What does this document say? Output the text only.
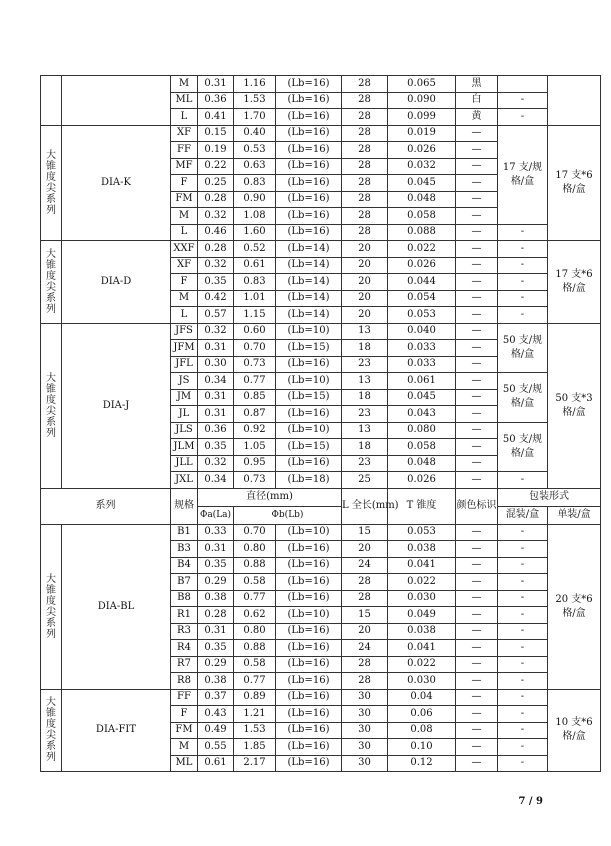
		M	0.31	1.16	(Lb=16)	28	0.065	黑		
		ML	0.36	1.53	(Lb=16)	28	0.090	白	-	
		L	0.41	1.70	(Lb=16)	28	0.099	黄	-	
大锥度尖系列	DIA-K	XF	0.15	0.40	(Lb=16)	28	0.019	—	17 支/规格/盒	17 支*6 格/盒
		FF	0.19	0.53	(Lb=16)	28	0.026	—		
		MF	0.22	0.63	(Lb=16)	28	0.032	—		
		F	0.25	0.83	(Lb=16)	28	0.045	—		
		FM	0.28	0.90	(Lb=16)	28	0.048	—		
		M	0.32	1.08	(Lb=16)	28	0.058	—		
		L	0.46	1.60	(Lb=16)	28	0.088	—	-	
大锥度尖系列	DIA-D	XXF	0.28	0.52	(Lb=14)	20	0.022	—	-	17 支*6 格/盒
		XF	0.32	0.61	(Lb=14)	20	0.026	—	-	
		F	0.35	0.83	(Lb=14)	20	0.044	—	-	
		M	0.42	1.01	(Lb=14)	20	0.054	—	-	
		L	0.57	1.15	(Lb=14)	20	0.053	—	-	
大锥度尖系列	DIA-J	JFS	0.32	0.60	(Lb=10)	13	0.040	—	50 支/规格/盒	50 支*3 格/盒
		JFM	0.31	0.70	(Lb=15)	18	0.033	—		
		JFL	0.30	0.73	(Lb=16)	23	0.033	—		
		JS	0.34	0.77	(Lb=10)	13	0.061	—	50 支/规格/盒	
		JM	0.31	0.85	(Lb=15)	18	0.045	—		
		JL	0.31	0.87	(Lb=16)	23	0.043	—		
		JLS	0.36	0.92	(Lb=10)	13	0.080	—	50 支/规格/盒	
		JLM	0.35	1.05	(Lb=15)	18	0.058	—		
		JLL	0.32	0.95	(Lb=16)	23	0.048	—		
		JXL	0.34	0.73	(Lb=18)	25	0.026	—	-	
系列		规格	直径(mm)			L 全长(mm)	T 锥度	颜色标识	包装形式	
			Φa(La)	Φb(Lb)					混装/盒	单装/盒
大锥度尖系列	DIA-BL	B1	0.33	0.70	(Lb=10)	15	0.053	—	-	20 支*6 格/盒
		B3	0.31	0.80	(Lb=16)	20	0.038	—	-	
		B4	0.35	0.88	(Lb=16)	24	0.041	—	-	
		B7	0.29	0.58	(Lb=16)	28	0.022	—	-	
		B8	0.38	0.77	(Lb=16)	28	0.030	—	-	
		R1	0.28	0.62	(Lb=10)	15	0.049	—	-	
		R3	0.31	0.80	(Lb=16)	20	0.038	—	-	
		R4	0.35	0.88	(Lb=16)	24	0.041	—	-	
		R7	0.29	0.58	(Lb=16)	28	0.022	—	-	
		R8	0.38	0.77	(Lb=16)	28	0.030	—	-	
大锥度尖系列	DIA-FIT	FF	0.37	0.89	(Lb=16)	30	0.04	—	-	10 支*6 格/盒
		F	0.43	1.21	(Lb=16)	30	0.06	—	-	
		FM	0.49	1.53	(Lb=16)	30	0.08	—	-	
		M	0.55	1.85	(Lb=16)	30	0.10	—	-	
		ML	0.61	2.17	(Lb=16)	30	0.12	—	-	
7 / 9
